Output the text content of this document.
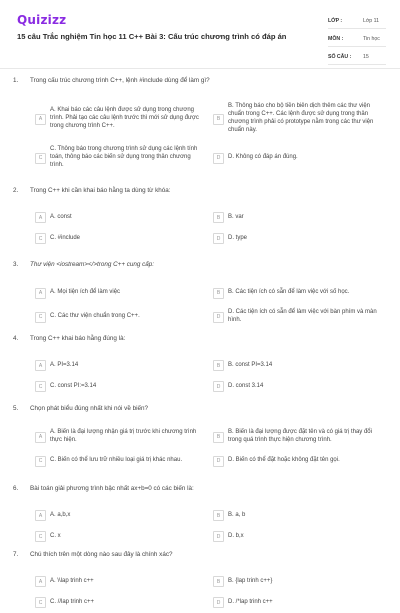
Quizizz
15 câu Trắc nghiệm Tin học 11 C++ Bài 3: Cấu trúc chương trình có đáp án
LỚP :	Lớp 11
MÔN :	Tin học
SỐ CÂU :	15
1.	Trong cấu trúc chương trình C++, lệnh #include dùng để làm gì?
A
A. Khai báo các câu lệnh được sử dụng trong chương trình. Phải tạo các câu lệnh trước thì mới sử dụng được trong chương trình C++.
B
B. Thông báo cho bộ tiền biên dịch thêm các thư viện chuẩn trong C++. Các lệnh được sử dụng trong thân chương trình phải có prototype nằm trong các thư viện chuẩn này.
C
C. Thông báo trong chương trình sử dụng các lệnh tính toán, thông báo các biến sử dụng trong thân chương trình.
D	D. Không có đáp án đúng.
2.	Trong C++ khi cần khai báo hằng ta dùng từ khóa:
A	A. const	B	B. var
C	C. #include	D	D. type
3.	Thư viện <iostream></>trong C++ cung cấp:
A	A. Mọi tiện ích để làm việc	B	B. Các tiện ích có sẵn để làm việc với số học.
C	C. Các thư viện chuẩn trong C++.	D
D. Các tiện ích có sẵn để làm việc với bàn phím và màn hình.
4.	Trong C++ khai báo hằng đúng là:
A	A. PI=3.14	B	B. const PI=3.14
C	C. const PI:=3.14	D	D. const 3.14
5.	Chọn phát biểu đúng nhất khi nói về biến?
A
A. Biến là đại lượng nhận giá trị trước khi chương trình thực hiện.	B
B. Biến là đại lượng được đặt tên và có giá trị thay đổi trong quá trình thực hiện chương trình.
C	C. Biến có thể lưu trữ nhiều loại giá trị khác nhau.	D	D. Biến có thể đặt hoặc không đặt tên gọi.
6.	Bài toán giải phương trình bậc nhất ax+b=0 có các biến là:
A	A. a,b,x	B	B. a, b
C	C. x	D	D. b,x
7.	Chú thích trên một dòng nào sau đây là chính xác?
A	A. \\lap trinh c++	B	B. {lap trinh c++}
C	C. //lap trinh c++	D	D. /*lap trinh c++
